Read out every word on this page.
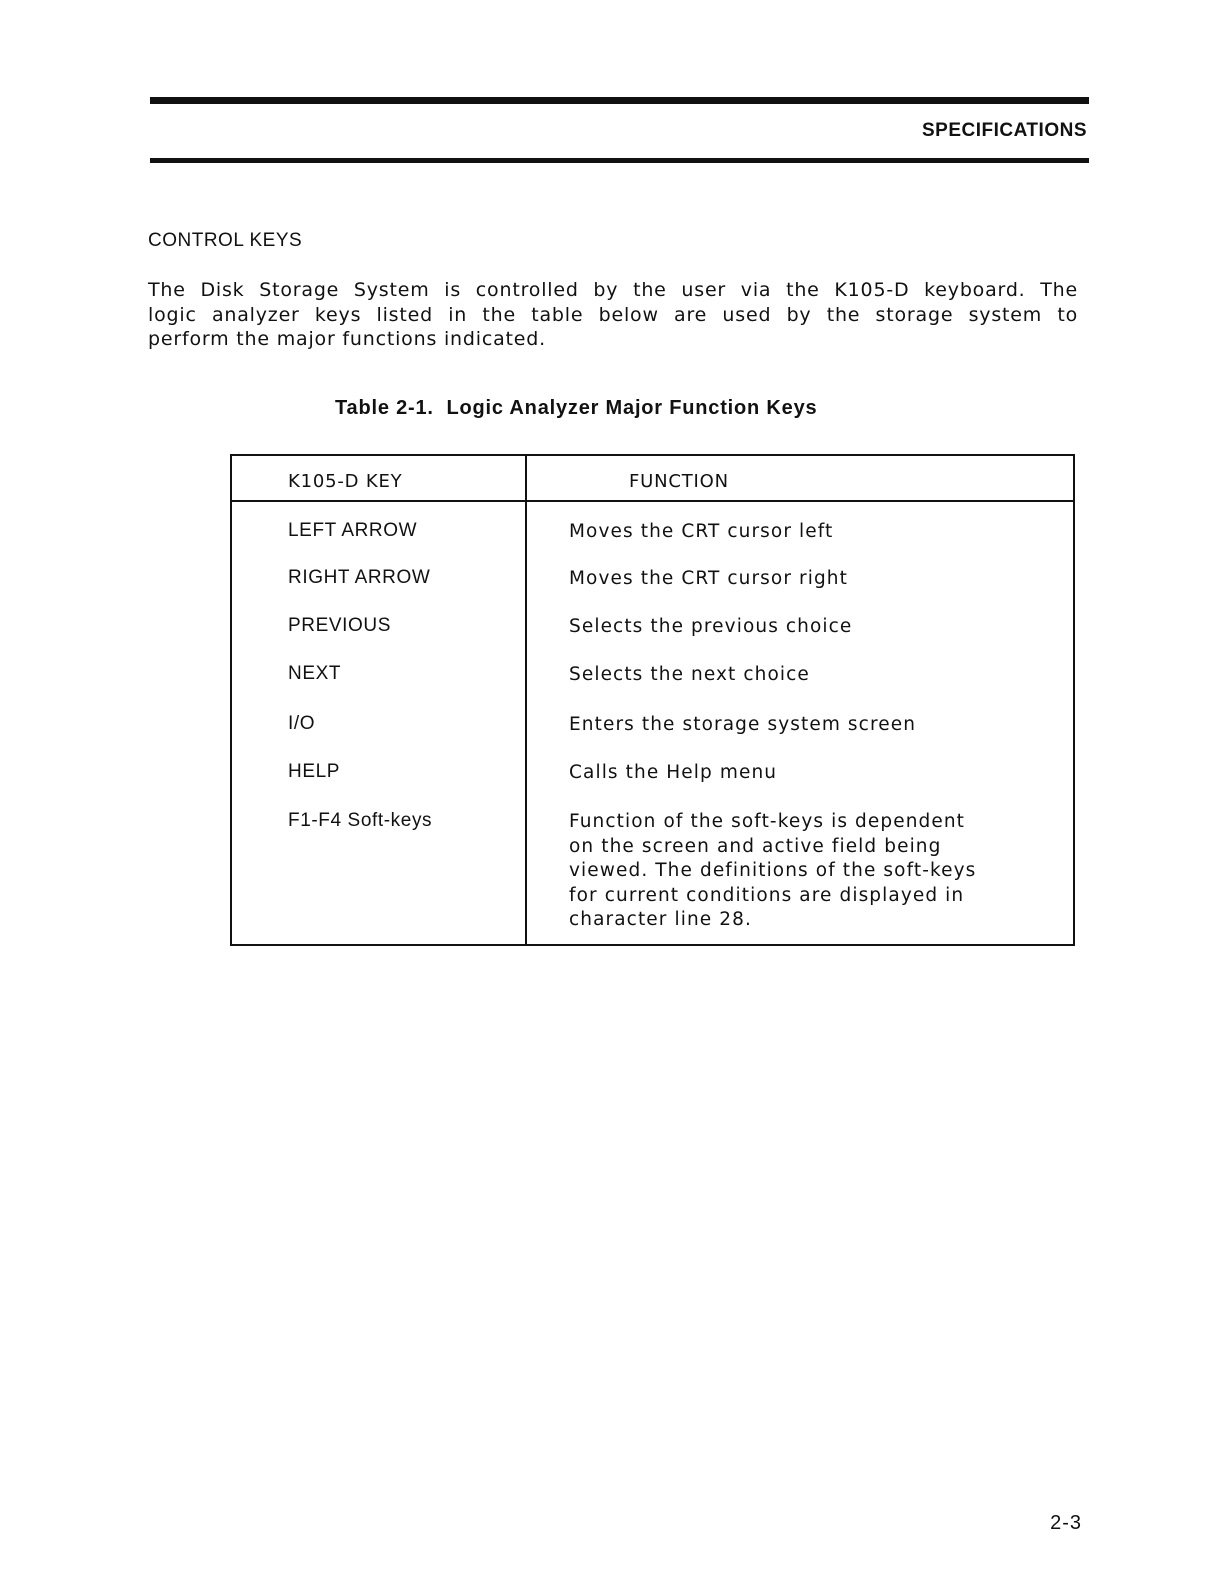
SPECIFICATIONS
CONTROL KEYS
The Disk Storage System is controlled by the user via the K105-D keyboard. The
logic analyzer keys listed in the table below are used by the storage system to
perform the major functions indicated.
Table 2-1.  Logic Analyzer Major Function Keys
K105-D KEY	FUNCTION
LEFT ARROW	Moves the CRT cursor left
RIGHT ARROW	Moves the CRT cursor right
PREVIOUS	Selects the previous choice
NEXT	Selects the next choice
I/O	Enters the storage system screen
HELP	Calls the Help menu
F1-F4 Soft-keys	Function of the soft-keys is dependent
on the screen and active field being
viewed. The definitions of the soft-keys
for current conditions are displayed in
character line 28.
2-3
